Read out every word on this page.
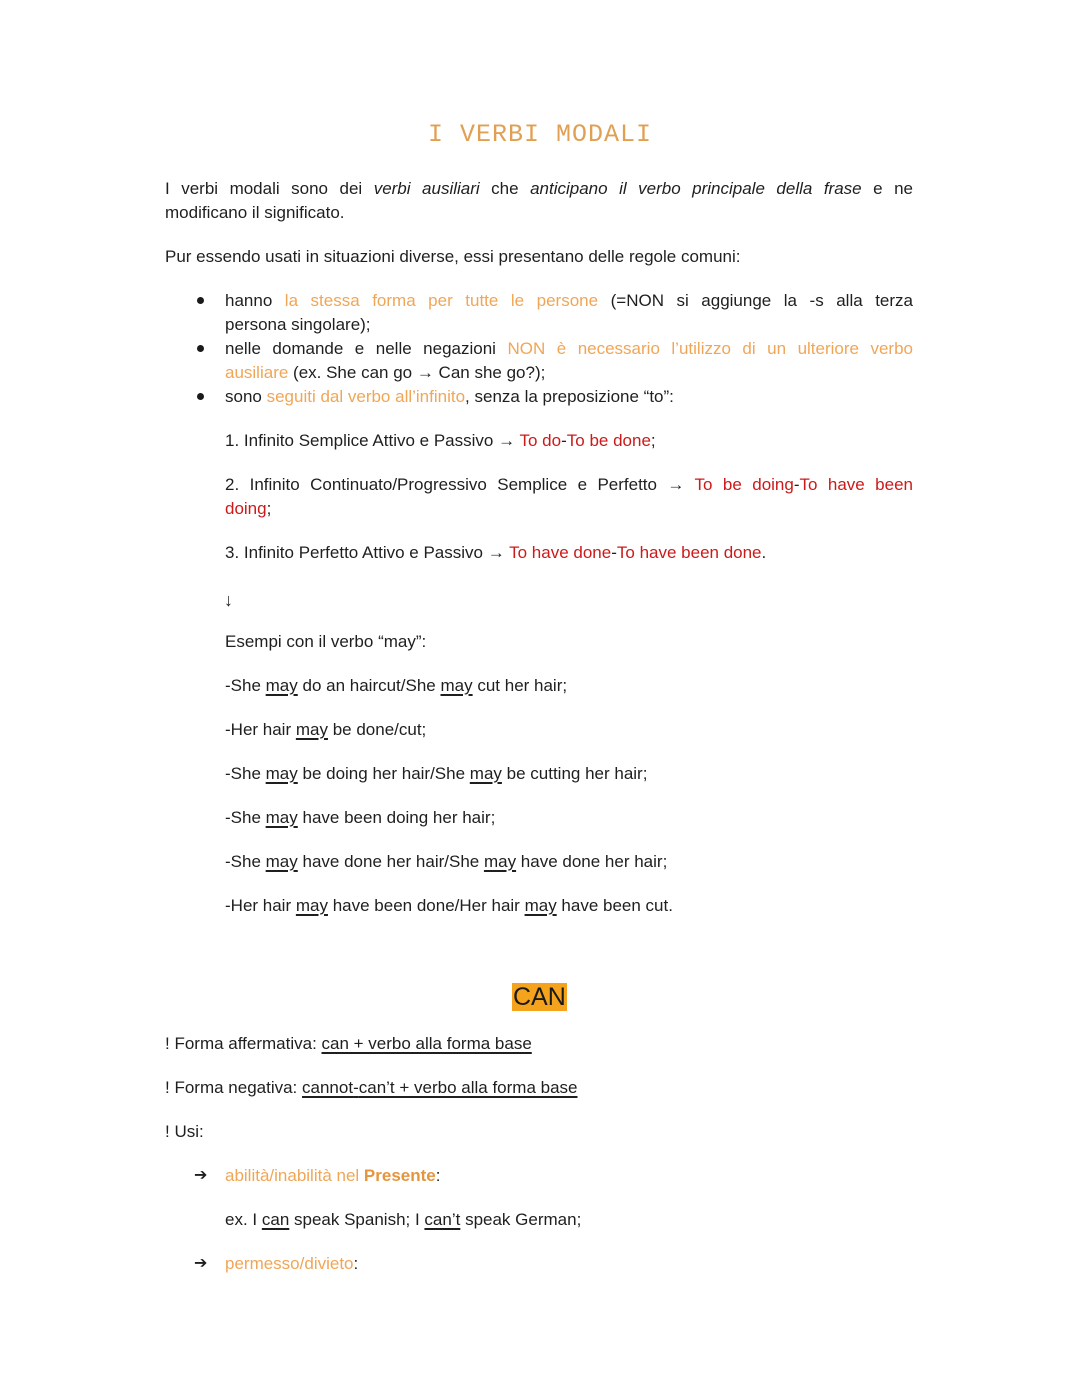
I VERBI MODALI
I verbi modali sono dei verbi ausiliari che anticipano il verbo principale della frase e ne
modificano il significato.
Pur essendo usati in situazioni diverse, essi presentano delle regole comuni:
hanno la stessa forma per tutte le persone (=NON si aggiunge la -s alla terza
persona singolare);
nelle domande e nelle negazioni NON è necessario l’utilizzo di un ulteriore verbo
ausiliare (ex. She can go → Can she go?);
sono seguiti dal verbo all’infinito, senza la preposizione “to”:
1. Infinito Semplice Attivo e Passivo → To do-To be done;
2. Infinito Continuato/Progressivo Semplice e Perfetto → To be doing-To have been
doing;
3. Infinito Perfetto Attivo e Passivo → To have done-To have been done.
↓
Esempi con il verbo “may”:
-She may do an haircut/She may cut her hair;
-Her hair may be done/cut;
-She may be doing her hair/She may be cutting her hair;
-She may have been doing her hair;
-She may have done her hair/She may have done her hair;
-Her hair may have been done/Her hair may have been cut.
CAN
! Forma affermativa: can + verbo alla forma base
! Forma negativa: cannot-can’t + verbo alla forma base
! Usi:
➔ abilità/inabilità nel Presente:
ex. I can speak Spanish; I can’t speak German;
➔ permesso/divieto:
